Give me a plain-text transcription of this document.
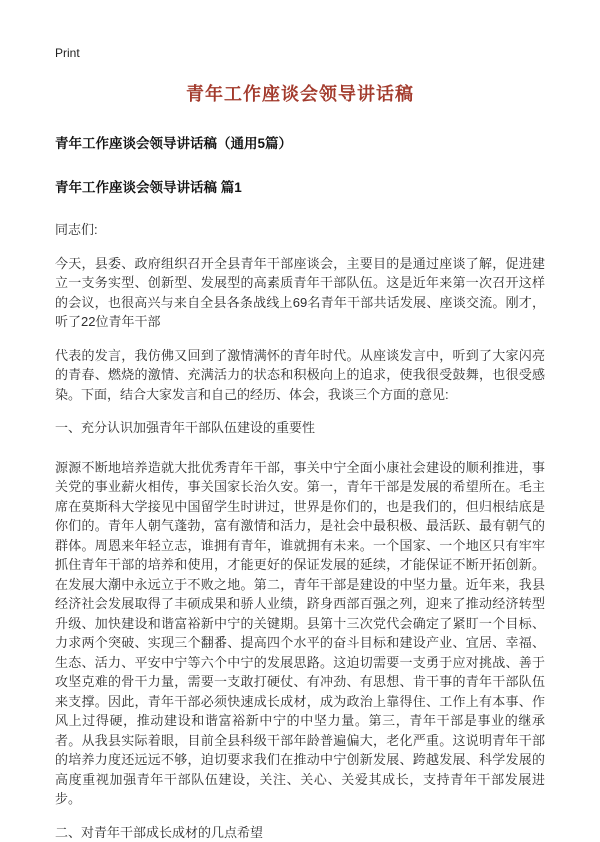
Print
青年工作座谈会领导讲话稿
青年工作座谈会领导讲话稿（通用5篇）
青年工作座谈会领导讲话稿 篇1

同志们:

今天，县委、政府组织召开全县青年干部座谈会，主要目的是通过座谈了解，促进建立一支务实型、创新型、发展型的高素质青年干部队伍。这是近年来第一次召开这样的会议，也很高兴与来自全县各条战线上69名青年干部共话发展、座谈交流。刚才，听了22位青年干部

代表的发言，我仿佛又回到了激情满怀的青年时代。从座谈发言中，听到了大家闪亮的青春、燃烧的激情、充满活力的状态和积极向上的追求，使我很受鼓舞，也很受感染。下面，结合大家发言和自己的经历、体会，我谈三个方面的意见:

一、充分认识加强青年干部队伍建设的重要性

源源不断地培养造就大批优秀青年干部，事关中宁全面小康社会建设的顺利推进，事关党的事业薪火相传，事关国家长治久安。第一，青年干部是发展的希望所在。毛主席在莫斯科大学接见中国留学生时讲过，世界是你们的，也是我们的，但归根结底是你们的。青年人朝气蓬勃，富有激情和活力，是社会中最积极、最活跃、最有朝气的群体。周恩来年轻立志，谁拥有青年，谁就拥有未来。一个国家、一个地区只有牢牢抓住青年干部的培养和使用，才能更好的保证发展的延续，才能保证不断开拓创新。在发展大潮中永远立于不败之地。第二，青年干部是建设的中坚力量。近年来，我县经济社会发展取得了丰硕成果和骄人业绩，跻身西部百强之列，迎来了推动经济转型升级、加快建设和谐富裕新中宁的关键期。县第十三次党代会确定了紧盯一个目标、力求两个突破、实现三个翻番、提高四个水平的奋斗目标和建设产业、宜居、幸福、生态、活力、平安中宁等六个中宁的发展思路。这迫切需要一支勇于应对挑战、善于攻坚克难的骨干力量，需要一支敢打硬仗、有冲劲、有思想、肯干事的青年干部队伍来支撑。因此，青年干部必须快速成长成材，成为政治上靠得住、工作上有本事、作风上过得硬，推动建设和谐富裕新中宁的中坚力量。第三，青年干部是事业的继承者。从我县实际着眼，目前全县科级干部年龄普遍偏大，老化严重。这说明青年干部的培养力度还远远不够，迫切要求我们在推动中宁创新发展、跨越发展、科学发展的高度重视加强青年干部队伍建设，关注、关心、关爱其成长，支持青年干部发展进步。

二、对青年干部成长成材的几点希望
